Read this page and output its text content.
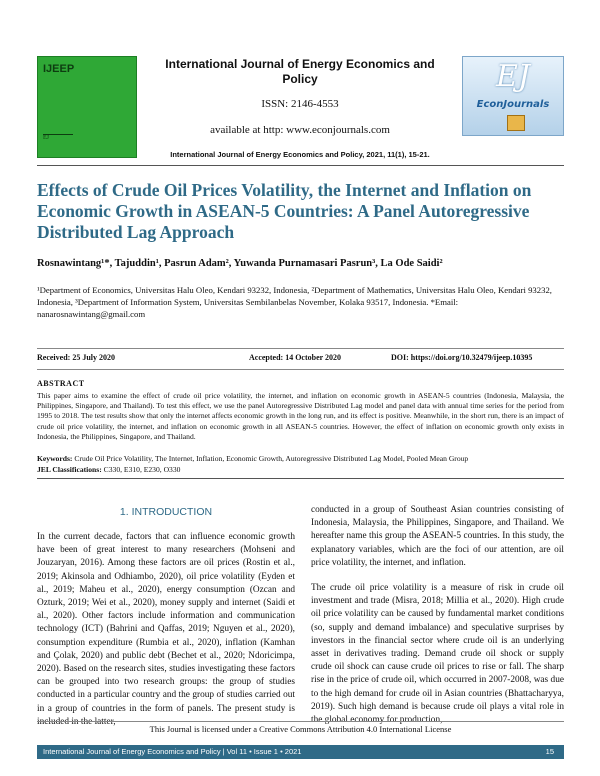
IJEEP
EJ
International Journal of Energy Economics and Policy
ISSN: 2146-4553
available at http: www.econjournals.com
International Journal of Energy Economics and Policy, 2021, 11(1), 15-21.
EJ
EconJournals
Effects of Crude Oil Prices Volatility, the Internet and Inflation on Economic Growth in ASEAN-5 Countries: A Panel Autoregressive Distributed Lag Approach
Rosnawintang¹*, Tajuddin¹, Pasrun Adam², Yuwanda Purnamasari Pasrun³, La Ode Saidi²
¹Department of Economics, Universitas Halu Oleo, Kendari 93232, Indonesia, ²Department of Mathematics, Universitas Halu Oleo, Kendari 93232, Indonesia, ³Department of Information System, Universitas Sembilanbelas November, Kolaka 93517, Indonesia. *Email: nanarosnawintang@gmail.com
Received: 25 July 2020	Accepted: 14 October 2020	DOI: https://doi.org/10.32479/ijeep.10395
ABSTRACT
This paper aims to examine the effect of crude oil price volatility, the internet, and inflation on economic growth in ASEAN-5 countries (Indonesia, Malaysia, the Philippines, Singapore, and Thailand). To test this effect, we use the panel Autoregressive Distributed Lag model and panel data with annual time series for the period from 1995 to 2018. The test results show that only the internet affects economic growth in the long run, and its effect is positive. Meanwhile, in the short run, there is an impact of crude oil price volatility, the internet, and inflation on economic growth in all ASEAN-5 countries. However, the effect of inflation on economic growth only exists in Indonesia, the Philippines, Singapore, and Thailand.
Keywords: Crude Oil Price Volatility, The Internet, Inflation, Economic Growth, Autoregressive Distributed Lag Model, Pooled Mean Group
JEL Classifications: C330, E310, E230, O330
1. INTRODUCTION

In the current decade, factors that can influence economic growth have been of great interest to many researchers (Mohseni and Jouzaryan, 2016). Among these factors are oil prices (Rostin et al., 2019; Akinsola and Odhiambo, 2020), oil price volatility (Eyden et al., 2019; Maheu et al., 2020), energy consumption (Ozcan and Ozturk, 2019; Wei et al., 2020), money supply and internet (Saidi et al., 2020). Other factors include information and communication technology (ICT) (Bahrini and Qaffas, 2019; Nguyen et al., 2020), consumption expenditure (Rumbia et al., 2020), inflation (Kamhan and Çolak, 2020) and public debt (Bechet et al., 2020; Ndoricimpa, 2020). Based on the research sites, studies investigating these factors can be grouped into two research groups: the group of studies conducted in a particular country and the group of studies carried out in a group of countries in the form of panels. The present study is included in the latter,

conducted in a group of Southeast Asian countries consisting of Indonesia, Malaysia, the Philippines, Singapore, and Thailand. We hereafter name this group the ASEAN-5 countries. In this study, the explanatory variables, which are the foci of our attention, are oil price volatility, the internet, and inflation.

The crude oil price volatility is a measure of risk in crude oil investment and trade (Misra, 2018; Millia et al., 2020). High crude oil price volatility can be caused by fundamental market conditions (so, supply and demand imbalance) and speculative surprises by investors in the financial sector where crude oil is an underlying asset in derivatives trading. Demand crude oil shock or supply crude oil shock can cause crude oil prices to rise or fall. The sharp rise in the price of crude oil, which occurred in 2007-2008, was due to the high demand for crude oil in Asian countries (Bhattacharyya, 2019). Such high demand is because crude oil plays a vital role in the global economy for production,

This Journal is licensed under a Creative Commons Attribution 4.0 International License
International Journal of Energy Economics and Policy | Vol 11 • Issue 1 • 2021	15
